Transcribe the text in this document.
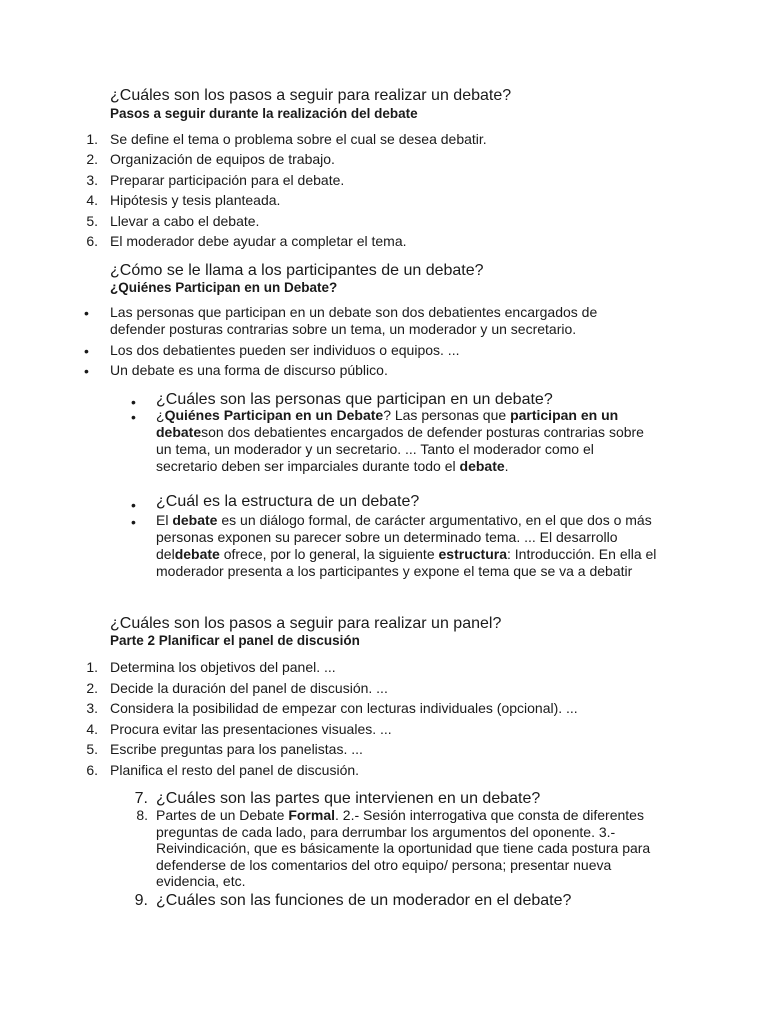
¿Cuáles son los pasos a seguir para realizar un debate?
Pasos a seguir durante la realización del debate
1. Se define el tema o problema sobre el cual se desea debatir.
2. Organización de equipos de trabajo.
3. Preparar participación para el debate.
4. Hipótesis y tesis planteada.
5. Llevar a cabo el debate.
6. El moderador debe ayudar a completar el tema.
¿Cómo se le llama a los participantes de un debate?
¿Quiénes Participan en un Debate?
• Las personas que participan en un debate son dos debatientes encargados de
defender posturas contrarias sobre un tema, un moderador y un secretario.
• Los dos debatientes pueden ser individuos o equipos. ...
• Un debate es una forma de discurso público.
• ¿Cuáles son las personas que participan en un debate?
• ¿Quiénes Participan en un Debate? Las personas que participan en un debateson dos debatientes encargados de defender posturas contrarias sobre un tema, un moderador y un secretario. ... Tanto el moderador como el secretario deben ser imparciales durante todo el debate.
• ¿Cuál es la estructura de un debate?
• El debate es un diálogo formal, de carácter argumentativo, en el que dos o más personas exponen su parecer sobre un determinado tema. ... El desarrollo deldebate ofrece, por lo general, la siguiente estructura: Introducción. En ella el moderador presenta a los participantes y expone el tema que se va a debatir
¿Cuáles son los pasos a seguir para realizar un panel?
Parte 2 Planificar el panel de discusión
1. Determina los objetivos del panel. ...
2. Decide la duración del panel de discusión. ...
3. Considera la posibilidad de empezar con lecturas individuales (opcional). ...
4. Procura evitar las presentaciones visuales. ...
5. Escribe preguntas para los panelistas. ...
6. Planifica el resto del panel de discusión.
7. ¿Cuáles son las partes que intervienen en un debate?
8. Partes de un Debate Formal. 2.- Sesión interrogativa que consta de diferentes preguntas de cada lado, para derrumbar los argumentos del oponente. 3.- Reivindicación, que es básicamente la oportunidad que tiene cada postura para defenderse de los comentarios del otro equipo/ persona; presentar nueva evidencia, etc.
9. ¿Cuáles son las funciones de un moderador en el debate?
